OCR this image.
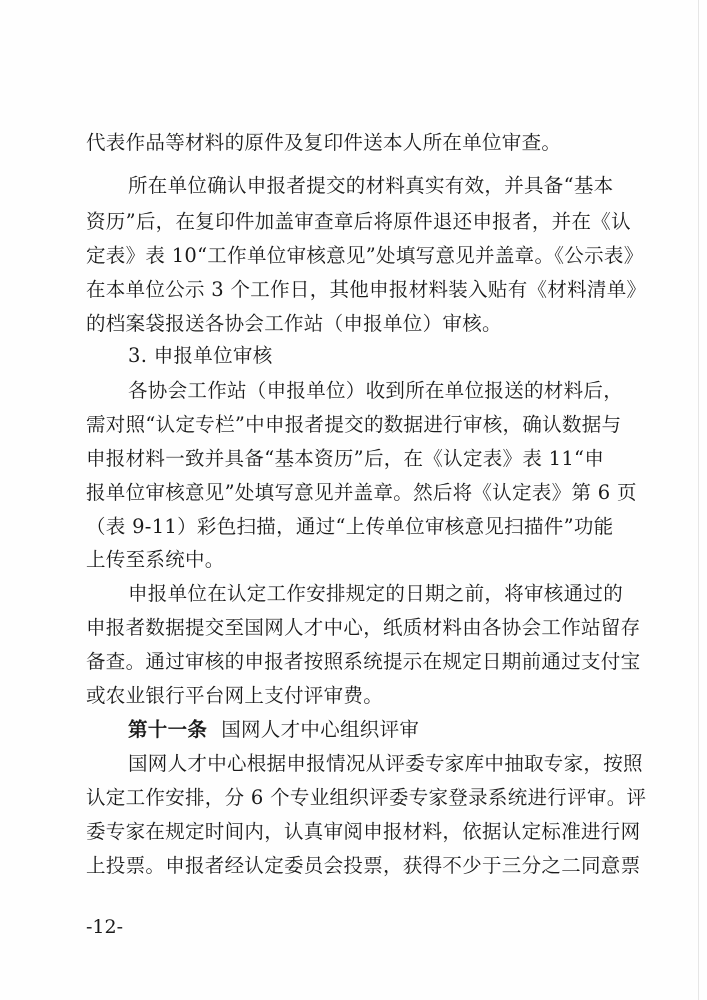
代表作品等材料的原件及复印件送本人所在单位审查。
所在单位确认申报者提交的材料真实有效，并具备“基本
资历”后，在复印件加盖审查章后将原件退还申报者，并在《认
定表》表 10“工作单位审核意见”处填写意见并盖章。《公示表》
在本单位公示 3 个工作日，其他申报材料装入贴有《材料清单》
的档案袋报送各协会工作站（申报单位）审核。
3. 申报单位审核
各协会工作站（申报单位）收到所在单位报送的材料后，
需对照“认定专栏”中申报者提交的数据进行审核，确认数据与
申报材料一致并具备“基本资历”后，在《认定表》表 11“申
报单位审核意见”处填写意见并盖章。然后将《认定表》第 6 页
（表 9-11）彩色扫描，通过“上传单位审核意见扫描件”功能
上传至系统中。
申报单位在认定工作安排规定的日期之前，将审核通过的
申报者数据提交至国网人才中心，纸质材料由各协会工作站留存
备查。通过审核的申报者按照系统提示在规定日期前通过支付宝
或农业银行平台网上支付评审费。
第十一条 国网人才中心组织评审
国网人才中心根据申报情况从评委专家库中抽取专家，按照
认定工作安排，分 6 个专业组织评委专家登录系统进行评审。评
委专家在规定时间内，认真审阅申报材料，依据认定标准进行网
上投票。申报者经认定委员会投票，获得不少于三分之二同意票
-12-
